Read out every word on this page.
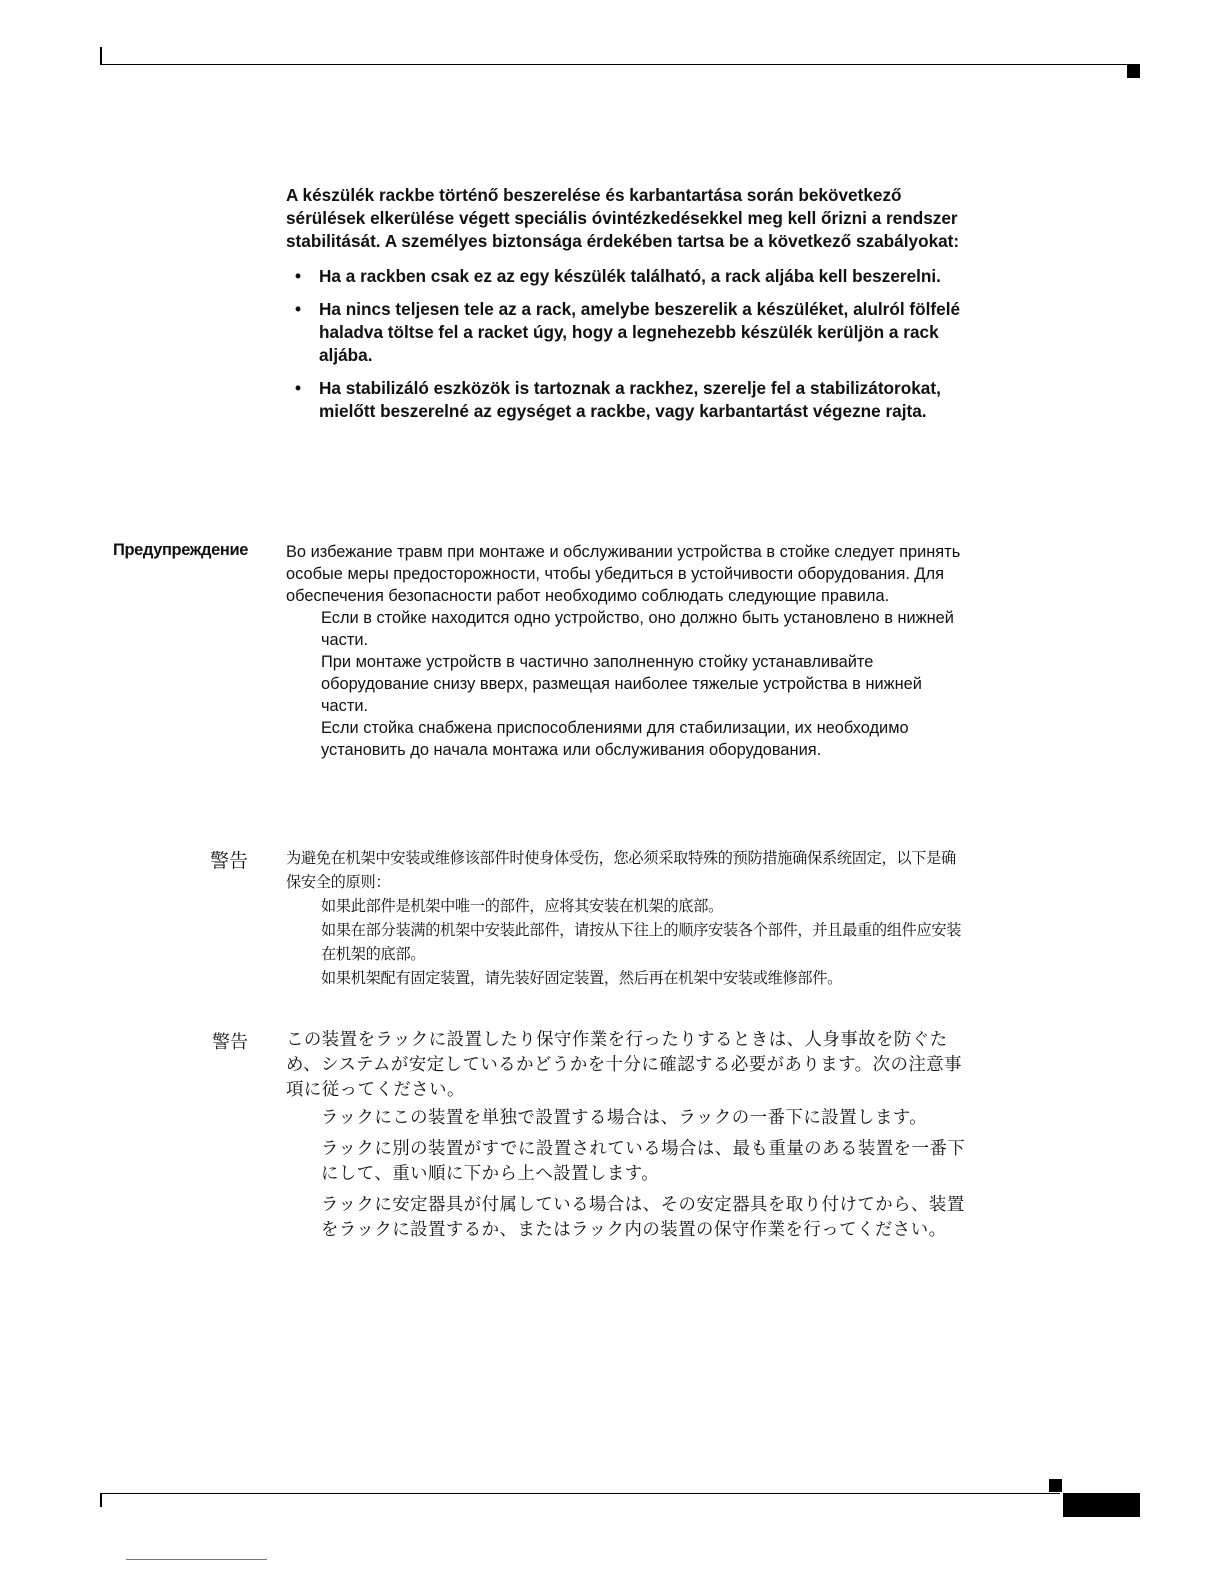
A készülék rackbe történő beszerelése és karbantartása során bekövetkező sérülések elkerülése végett speciális óvintézkedésekkel meg kell őrizni a rendszer stabilitását. A személyes biztonsága érdekében tartsa be a következő szabályokat:

• Ha a rackben csak ez az egy készülék található, a rack aljába kell beszerelni.
• Ha nincs teljesen tele az a rack, amelybe beszerelik a készüléket, alulról fölfelé haladva töltse fel a racket úgy, hogy a legnehezebb készülék kerüljön a rack aljába.
• Ha stabilizáló eszközök is tartoznak a rackhez, szerelje fel a stabilizátorokat, mielőtt beszerelné az egységet a rackbe, vagy karbantartást végezne rajta.
Предупреждение Во избежание травм при монтаже и обслуживании устройства в стойке следует принять особые меры предосторожности, чтобы убедиться в устойчивости оборудования. Для обеспечения безопасности работ необходимо соблюдать следующие правила.

Если в стойке находится одно устройство, оно должно быть установлено в нижней части.

При монтаже устройств в частично заполненную стойку устанавливайте оборудование снизу вверх, размещая наиболее тяжелые устройства в нижней части.

Если стойка снабжена приспособлениями для стабилизации, их необходимо установить до начала монтажа или обслуживания оборудования.

警告	为避免在机架中安装或维修该部件时使身体受伤，您必须采取特殊的预防措施确保系统固定，以下是确保安全的原则：

如果此部件是机架中唯一的部件，应将其安装在机架的底部。

如果在部分装满的机架中安装此部件，请按从下往上的顺序安装各个部件，并且最重的组件应安装在机架的底部。

如果机架配有固定装置，请先装好固定装置，然后再在机架中安装或维修部件。

警告 この装置をラックに設置したり保守作業を行ったりするときは、人身事故を防ぐため、システムが安定しているかどうかを十分に確認する必要があります。次の注意事項に従ってください。

ラックにこの装置を単独で設置する場合は、ラックの一番下に設置します。

ラックに別の装置がすでに設置されている場合は、最も重量のある装置を一番下にして、重い順に下から上へ設置します。

ラックに安定器具が付属している場合は、その安定器具を取り付けてから、装置をラックに設置するか、またはラック内の装置の保守作業を行ってください。
